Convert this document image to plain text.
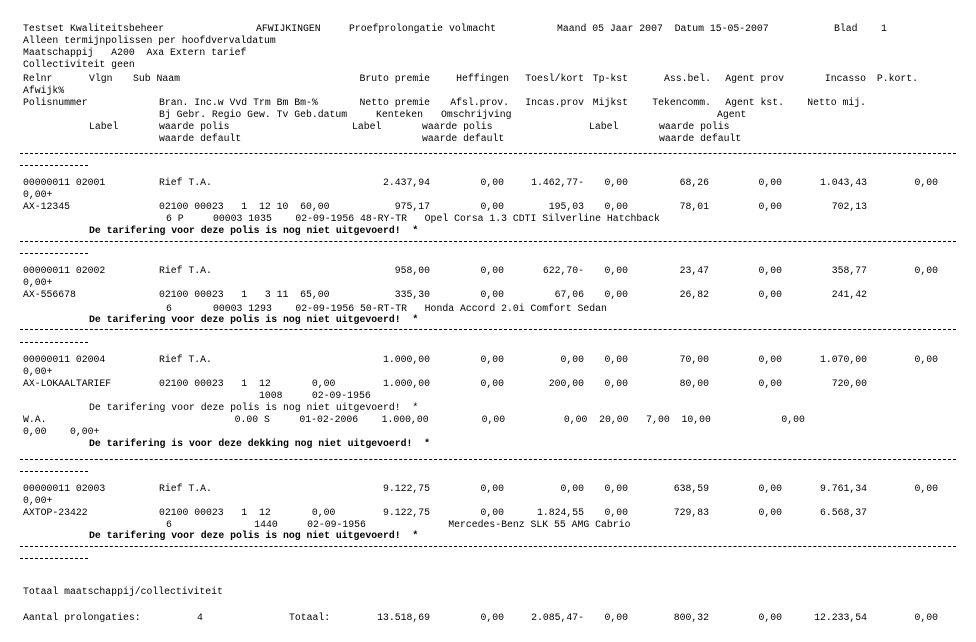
Testset Kwaliteitsbeheer	AFWIJKINGEN	Proefprolongatie volmacht	Maand 05 Jaar 2007  Datum 15-05-2007	Blad    1
Alleen termijnpolissen per hoofdvervaldatum
Maatschappij   A200  Axa Extern tarief
Collectiviteit geen
Relnr	Vlgn Sub Naam	Bruto premie	Heffingen Toesl/kort Tp-kst	Ass.bel. Agent prov	Incasso P.kort.
Afwijk%
Polisnummer	Bran. Inc.w Vvd Trm Bm Bm-%	Netto premie Afsl.prov. Incas.prov Mijkst Tekencomm. Agent kst. Netto mij.
Bj Gebr. Regio Gew. Tv Geb.datum	Kenteken Omschrijving	Agent
Label	waarde polis	Label	waarde polis	Label	waarde polis
waarde default	waarde default	waarde default
00000011 02001	Rief T.A.	2.437,94	0,00	1.462,77- 0,00	68,26	0,00	1.043,43	0,00
0,00+
AX-12345	02100 00023   1  12 10  60,00	975,17	0,00	195,03 0,00	78,01	0,00	702,13
6 P     00003 1035    02-09-1956 48-RY-TR   Opel Corsa 1.3 CDTI Silverline Hatchback
De tarifering voor deze polis is nog niet uitgevoerd!  *
00000011 02002	Rief T.A.	958,00	0,00	622,70- 0,00	23,47	0,00	358,77	0,00
0,00+
AX-556678	02100 00023   1   3 11  65,00	335,30	0,00	67,06 0,00	26,82	0,00	241,42
6       00003 1293    02-09-1956 50-RT-TR   Honda Accord 2.0i Comfort Sedan
De tarifering voor deze polis is nog niet uitgevoerd!  *
00000011 02004	Rief T.A.	1.000,00	0,00	0,00 0,00	70,00	0,00	1.070,00	0,00
0,00+
AX-LOKAALTARIEF	02100 00023   1  12       0,00	1.000,00	0,00	200,00 0,00	80,00	0,00	720,00
1008     02-09-1956
De tarifering voor deze polis is nog niet uitgevoerd!  *
W.A.                                0.00 S     01-02-2006    1.000,00         0,00          0,00  20,00   7,00  10,00            0,00
0,00    0,00+
De tarifering is voor deze dekking nog niet uitgevoerd!  *
00000011 02003	Rief T.A.	9.122,75	0,00	0,00 0,00	638,59	0,00	9.761,34	0,00
0,00+
AXTOP-23422	02100 00023   1  12       0,00	9.122,75	0,00	1.824,55 0,00	729,83	0,00	6.568,37
6              1440     02-09-1956              Mercedes-Benz SLK 55 AMG Cabrio
De tarifering voor deze polis is nog niet uitgevoerd!  *
Totaal maatschappij/collectiviteit
Aantal prolongaties:	4	Totaal:	13.518,69	0,00	2.085,47- 0,00	800,32	0,00	12.233,54	0,00
